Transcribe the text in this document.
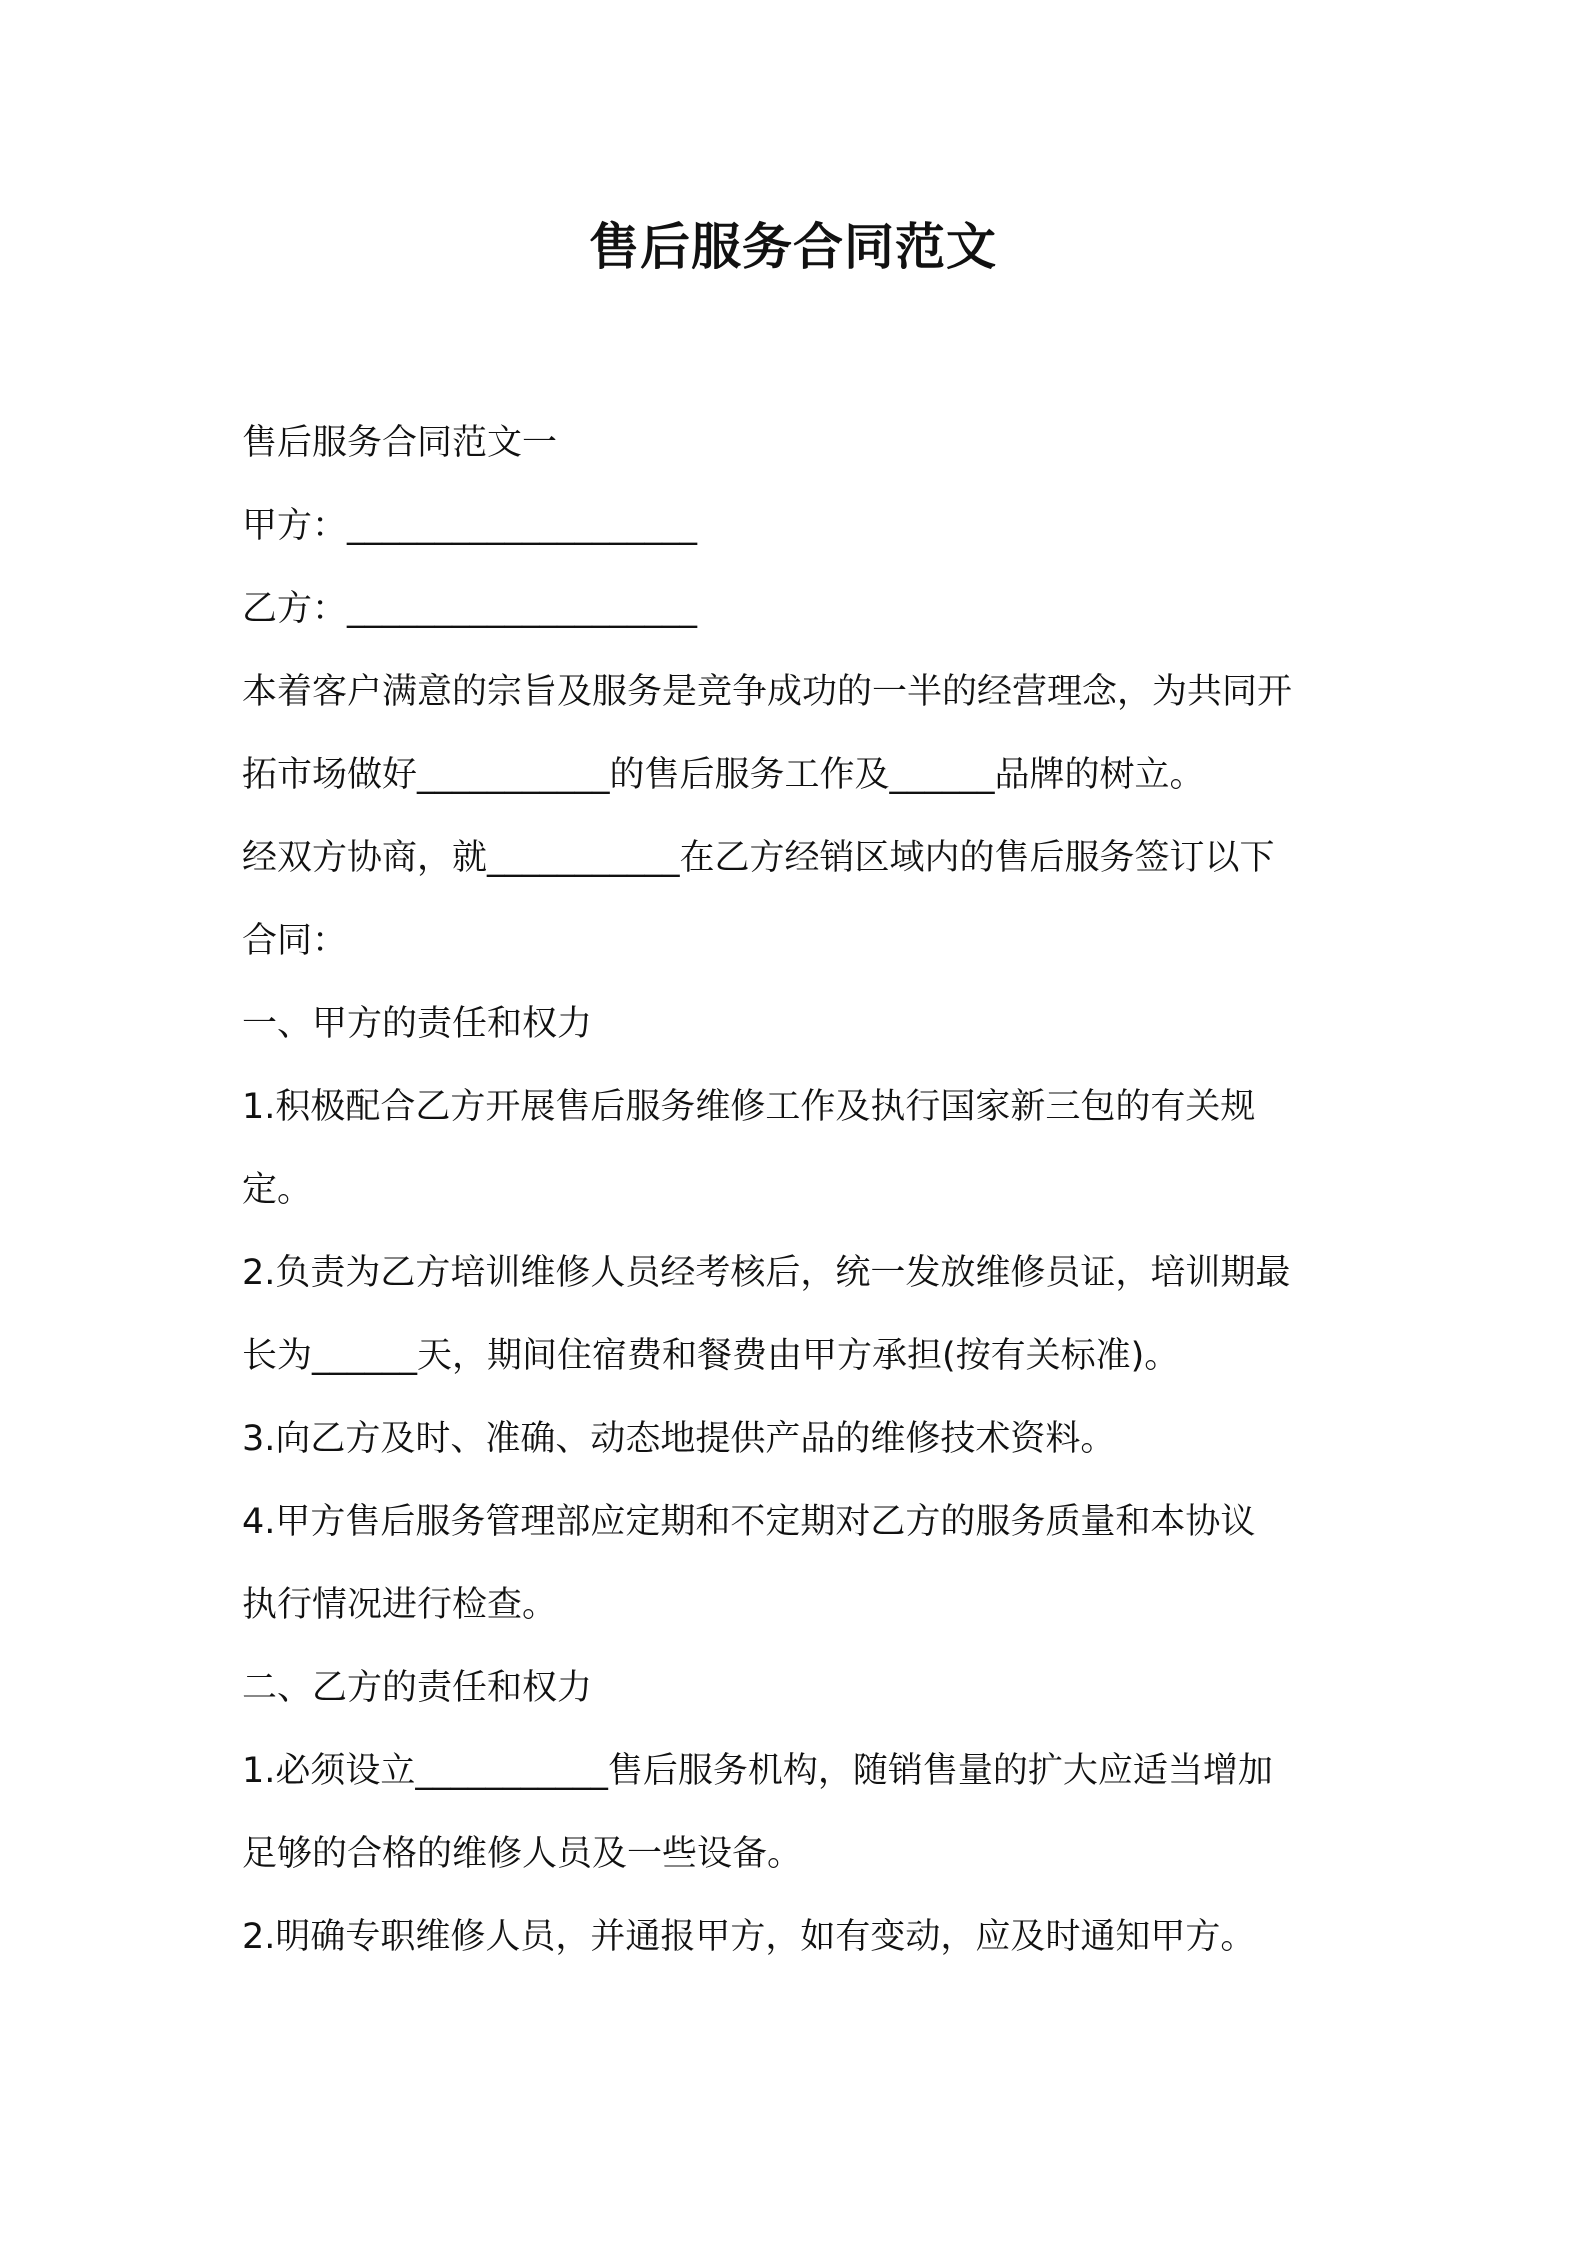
售后服务合同范文
售后服务合同范文一
甲方：____________________
乙方：____________________
本着客户满意的宗旨及服务是竞争成功的一半的经营理念，为共同开
拓市场做好___________的售后服务工作及______品牌的树立。
经双方协商，就___________在乙方经销区域内的售后服务签订以下
合同：
一、甲方的责任和权力
1.积极配合乙方开展售后服务维修工作及执行国家新三包的有关规
定。
2.负责为乙方培训维修人员经考核后，统一发放维修员证，培训期最
长为______天，期间住宿费和餐费由甲方承担(按有关标准)。
3.向乙方及时、准确、动态地提供产品的维修技术资料。
4.甲方售后服务管理部应定期和不定期对乙方的服务质量和本协议
执行情况进行检查。
二、乙方的责任和权力
1.必须设立___________售后服务机构，随销售量的扩大应适当增加
足够的合格的维修人员及一些设备。
2.明确专职维修人员，并通报甲方，如有变动，应及时通知甲方。
